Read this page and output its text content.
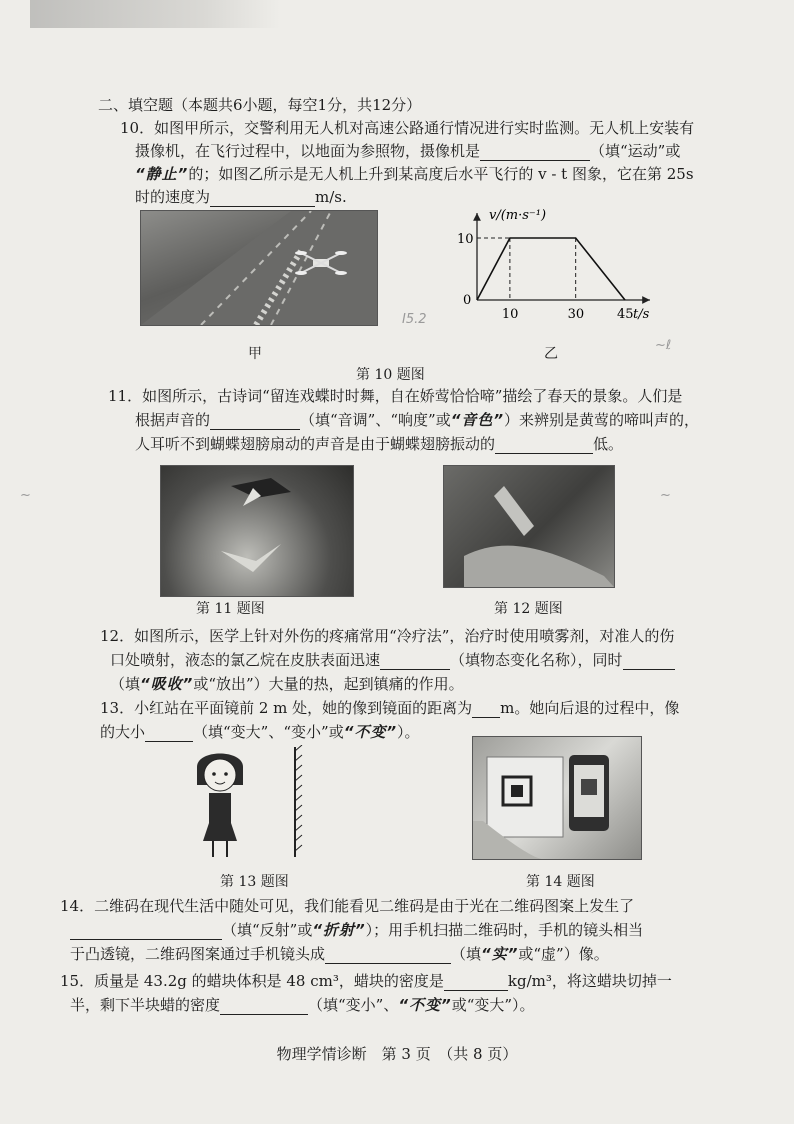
Ⅰ5.2
~ℓ
~	~
二、填空题（本题共6小题，每空1分，共12分）
10．如图甲所示，交警利用无人机对高速公路通行情况进行实时监测。无人机上安装有
摄像机，在飞行过程中，以地面为参照物，摄像机是	（填“运动”或
“静止”的；如图乙所示是无人机上升到某高度后水平飞行的 v - t 图象，它在第 25s
时的速度为	m/s.
甲
v/(m·s⁻¹)
t/s
0
10	30	45
10
乙
第 10 题图
11．如图所示，古诗词“留连戏蝶时时舞，自在娇莺恰恰啼”描绘了春天的景象。人们是
根据声音的	（填“音调”、“响度”或“音色”）来辨别是黄莺的啼叫声的，
人耳听不到蝴蝶翅膀扇动的声音是由于蝴蝶翅膀振动的	低。
第 11 题图	第 12 题图
12．如图所示，医学上针对外伤的疼痛常用“冷疗法”，治疗时使用喷雾剂，对准人的伤
口处喷射，液态的氯乙烷在皮肤表面迅速	（填物态变化名称），同时
（填“吸收”或“放出”）大量的热，起到镇痛的作用。
13．小红站在平面镜前 2 m 处，她的像到镜面的距离为 m。她向后退的过程中，像
的大小	（填“变大”、“变小”或“不变”）。
第 13 题图	第 14 题图
14．二维码在现代生活中随处可见，我们能看见二维码是由于光在二维码图案上发生了
（填“反射”或“折射”）；用手机扫描二维码时，手机的镜头相当
于凸透镜，二维码图案通过手机镜头成	（填“实”或“虚”）像。
15．质量是 43.2g 的蜡块体积是 48 cm³，蜡块的密度是	kg/m³，将这蜡块切掉一
半，剩下半块蜡的密度	（填“变小”、“不变”或“变大”）。
物理学情诊断　第 3 页　（共 8 页）
